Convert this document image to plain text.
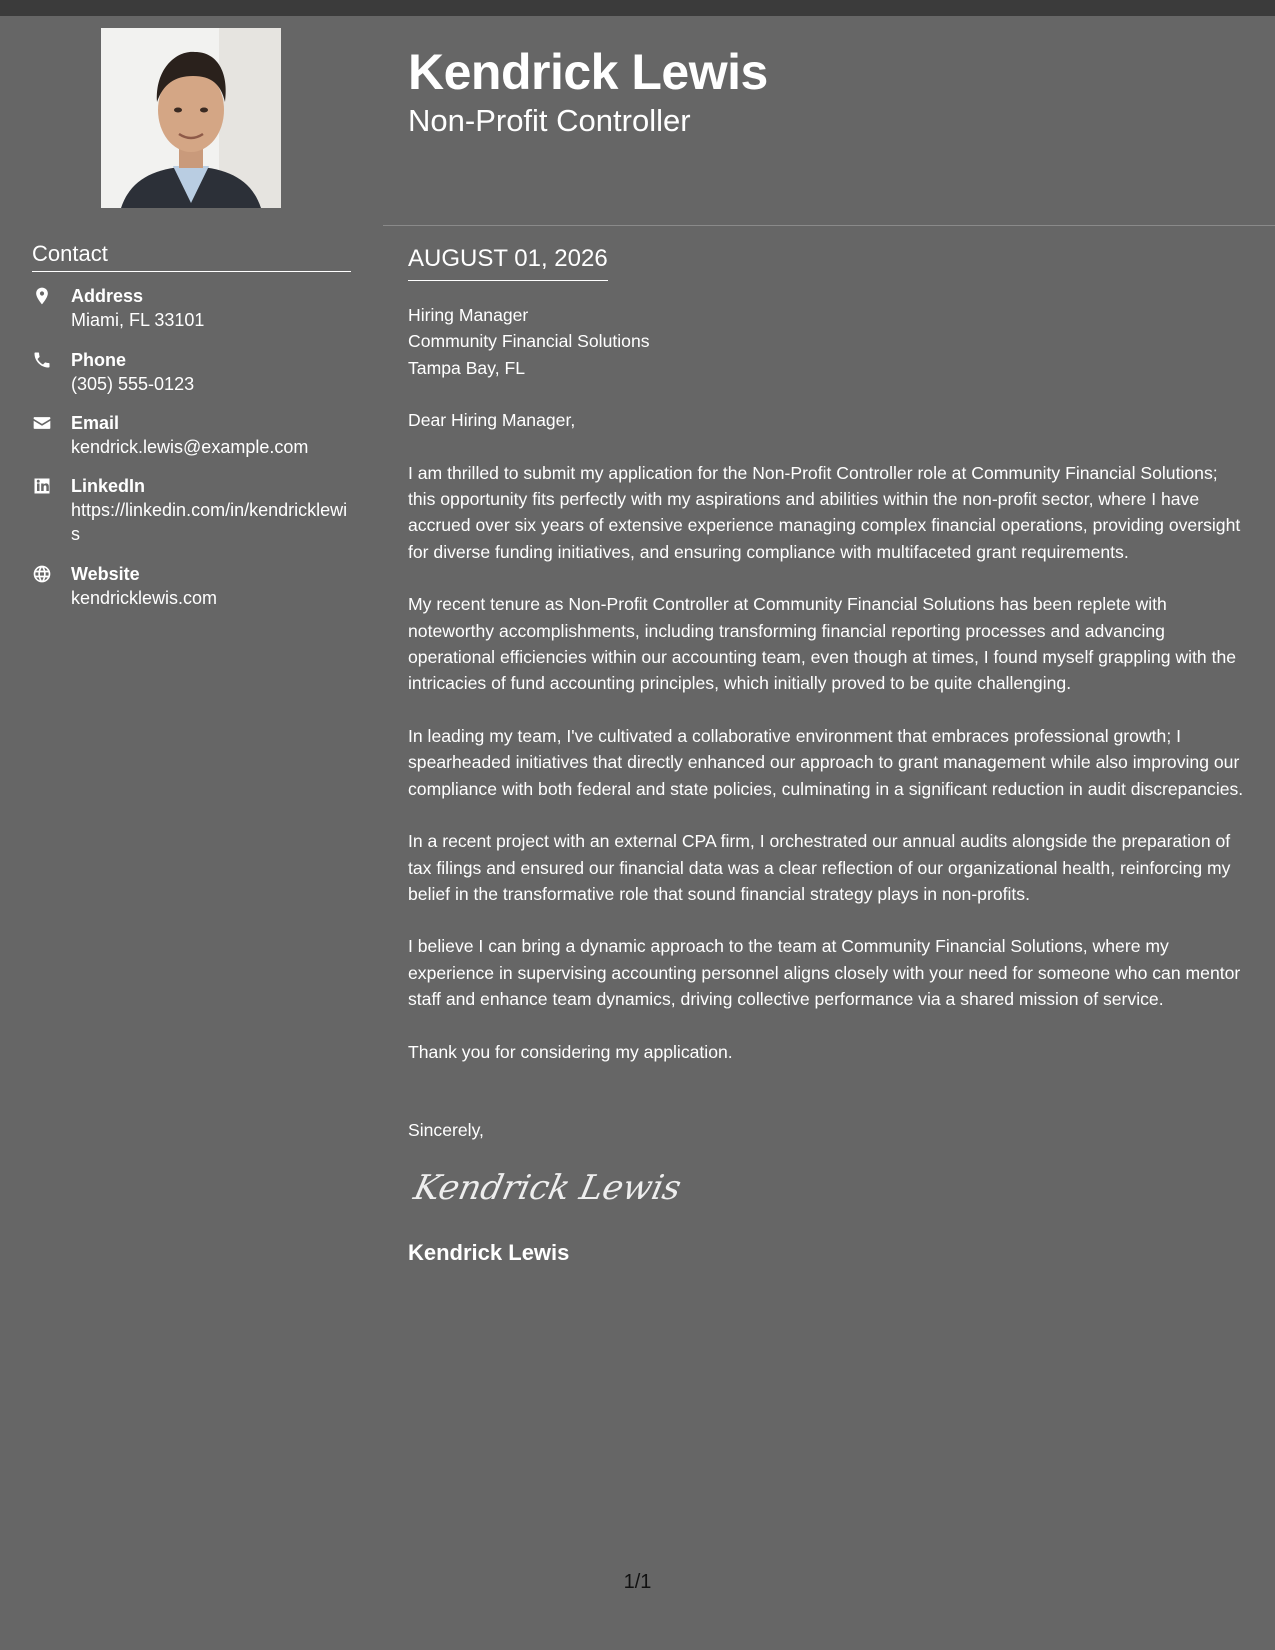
Contact
Address
Miami, FL 33101
Phone
(305) 555-0123
Email
kendrick.lewis@example.com
LinkedIn
https://linkedin.com/in/kendricklewis
Website
kendricklewis.com
Kendrick Lewis
Non-Profit Controller
AUGUST 01, 2026

Hiring Manager

Community Financial Solutions

Tampa Bay, FL

Dear Hiring Manager,

I am thrilled to submit my application for the Non-Profit Controller role at Community Financial Solutions; this opportunity fits perfectly with my aspirations and abilities within the non-profit sector, where I have accrued over six years of extensive experience managing complex financial operations, providing oversight for diverse funding initiatives, and ensuring compliance with multifaceted grant requirements.

My recent tenure as Non-Profit Controller at Community Financial Solutions has been replete with noteworthy accomplishments, including transforming financial reporting processes and advancing operational efficiencies within our accounting team, even though at times, I found myself grappling with the intricacies of fund accounting principles, which initially proved to be quite challenging.

In leading my team, I've cultivated a collaborative environment that embraces professional growth; I spearheaded initiatives that directly enhanced our approach to grant management while also improving our compliance with both federal and state policies, culminating in a significant reduction in audit discrepancies.

In a recent project with an external CPA firm, I orchestrated our annual audits alongside the preparation of tax filings and ensured our financial data was a clear reflection of our organizational health, reinforcing my belief in the transformative role that sound financial strategy plays in non-profits.

I believe I can bring a dynamic approach to the team at Community Financial Solutions, where my experience in supervising accounting personnel aligns closely with your need for someone who can mentor staff and enhance team dynamics, driving collective performance via a shared mission of service.

Thank you for considering my application.

Sincerely,

Kendrick Lewis
Kendrick Lewis
1/1
